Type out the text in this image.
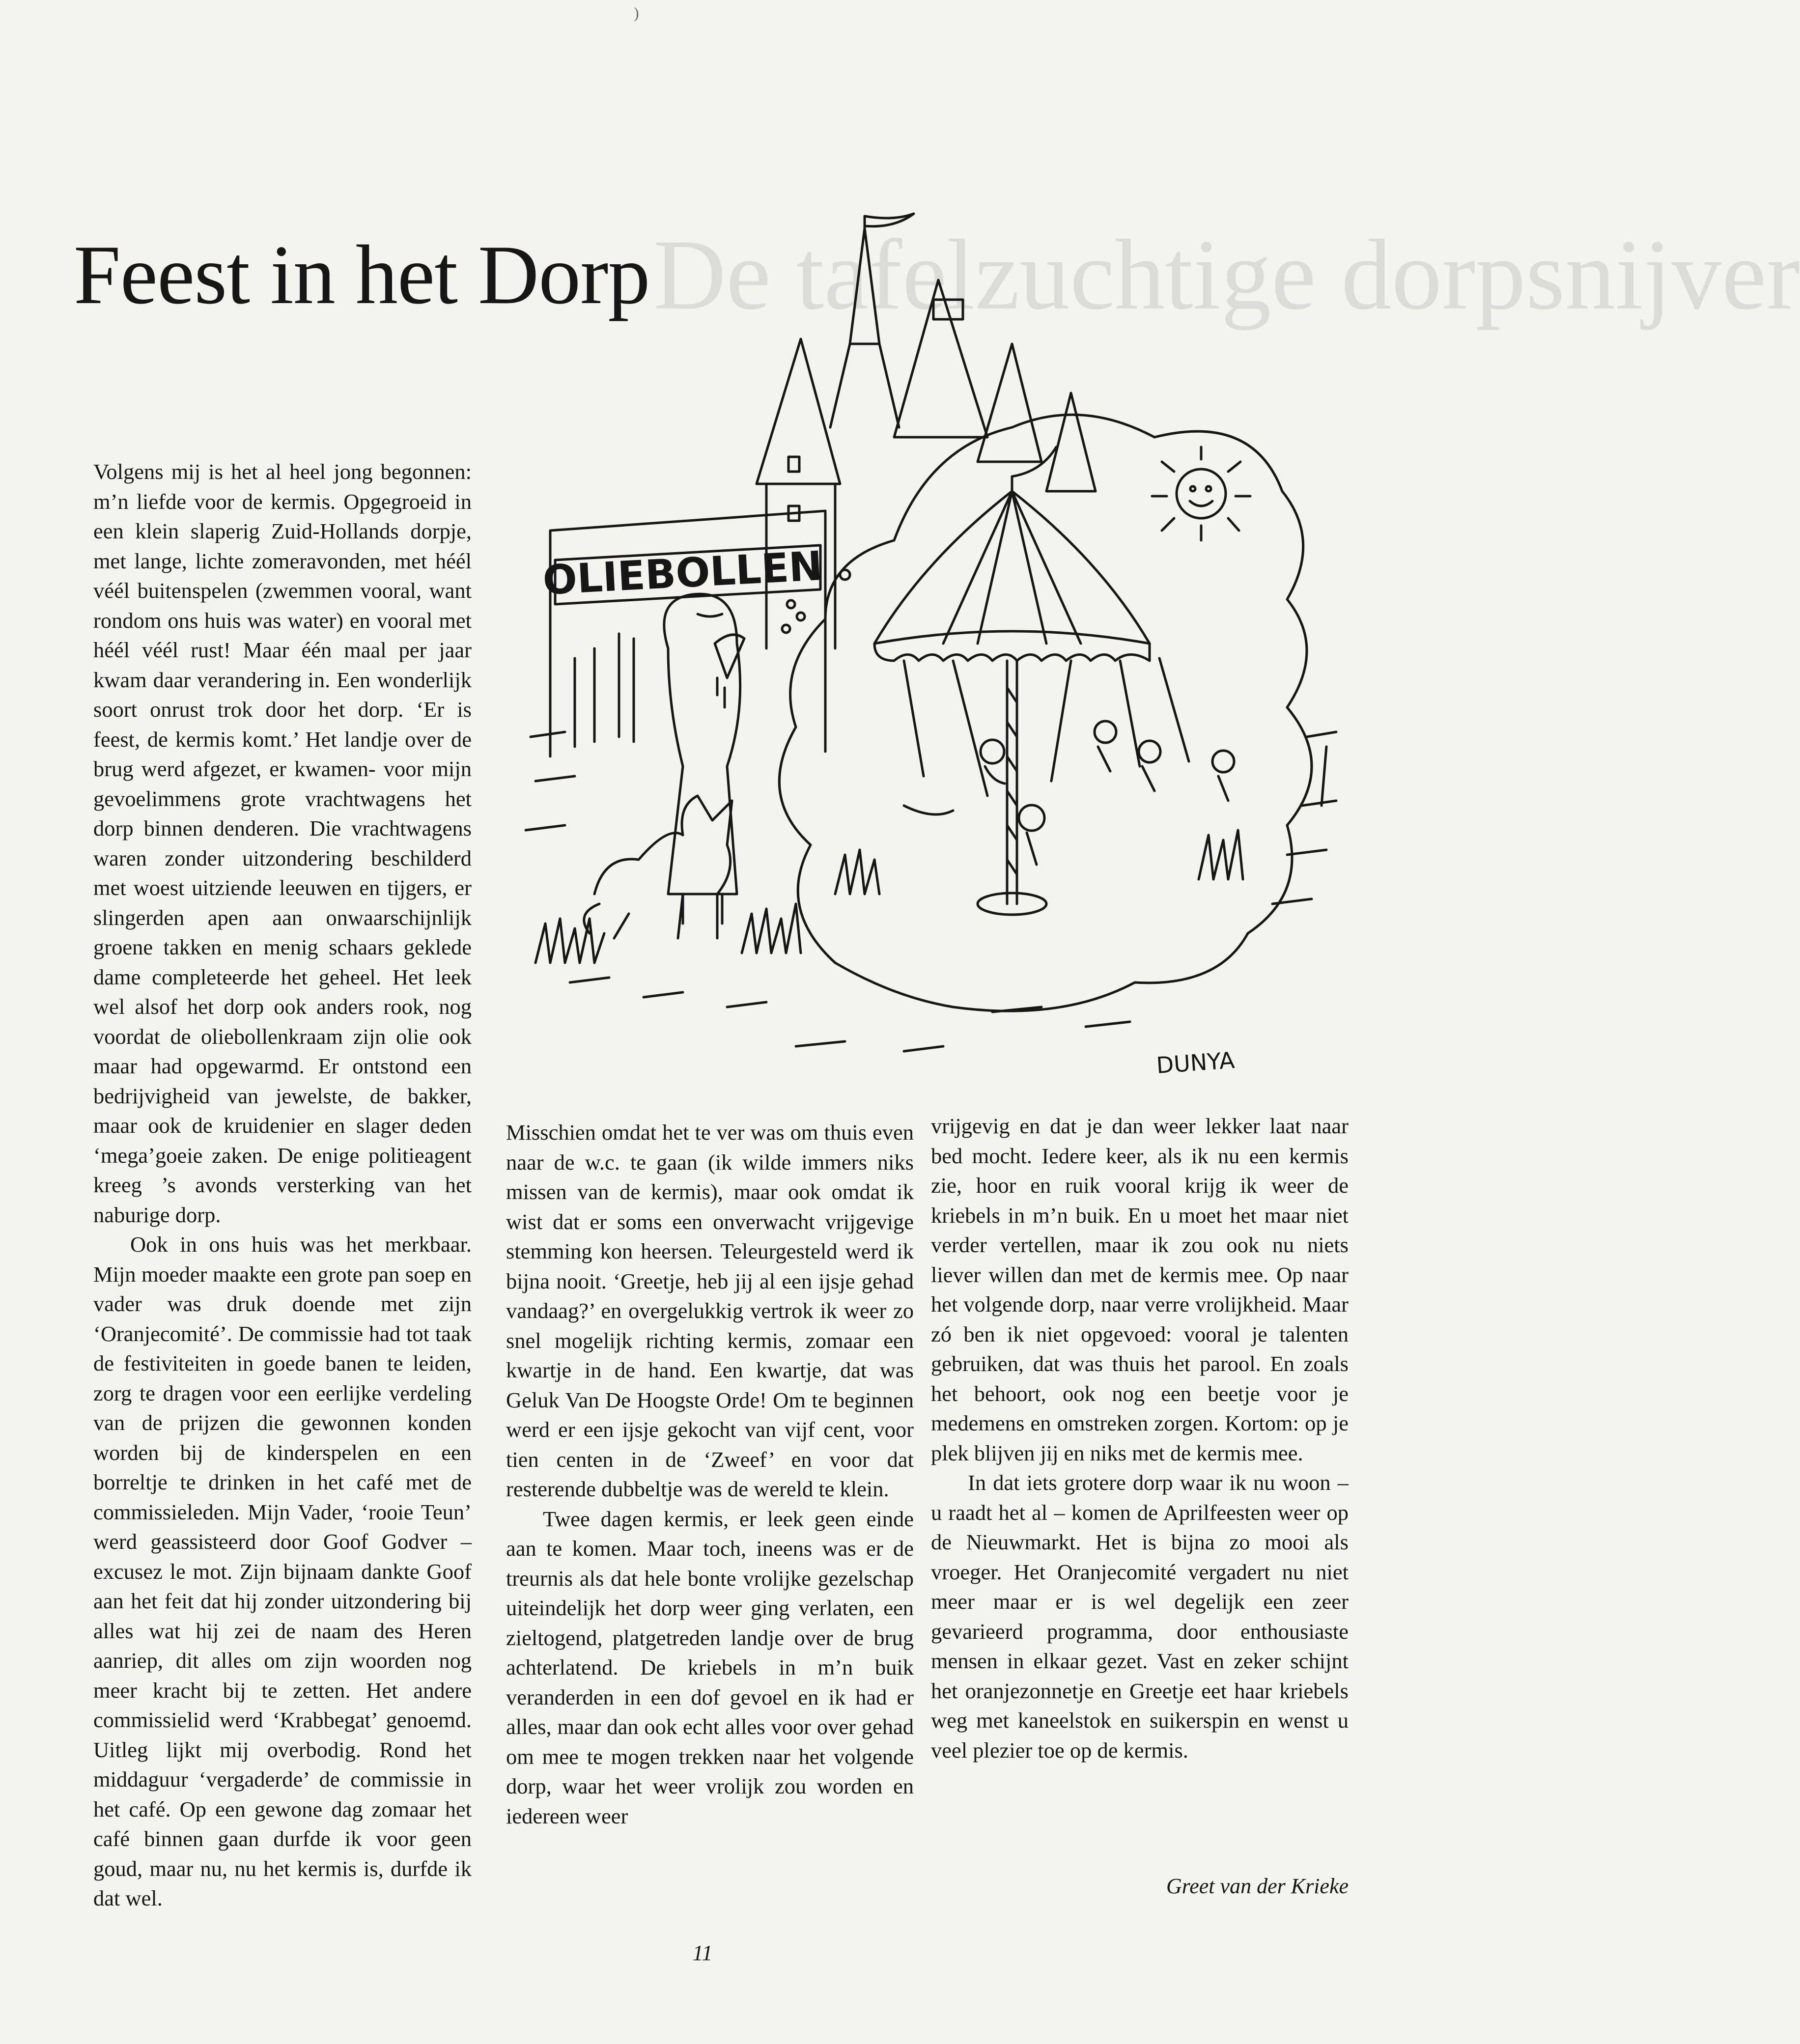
De tafelzuchtige dorpsnijver
)
Feest in het Dorp

Volgens mij is het al heel jong begonnen: m’n liefde voor de kermis. Opgegroeid in een klein slaperig Zuid-Hollands dorpje, met lange, lichte zomeravonden, met héél véél buitenspelen (zwemmen vooral, want rondom ons huis was water) en vooral met héél véél rust! Maar één maal per jaar kwam daar verandering in. Een wonderlijk soort onrust trok door het dorp. ‘Er is feest, de kermis komt.’ Het landje over de brug werd afgezet, er kwamen- voor mijn gevoelimmens grote vrachtwagens het dorp binnen denderen. Die vrachtwagens waren zonder uitzondering beschilderd met woest uitziende leeuwen en tijgers, er slingerden apen aan onwaarschijnlijk groene takken en menig schaars geklede dame completeerde het geheel. Het leek wel alsof het dorp ook anders rook, nog voordat de oliebollenkraam zijn olie ook maar had opgewarmd. Er ontstond een bedrijvigheid van jewelste, de bakker, maar ook de kruidenier en slager deden ‘mega’goeie zaken. De enige politieagent kreeg ’s avonds versterking van het naburige dorp.

Ook in ons huis was het merkbaar. Mijn moeder maakte een grote pan soep en vader was druk doende met zijn ‘Oranjecomité’. De commissie had tot taak de festiviteiten in goede banen te leiden, zorg te dragen voor een eerlijke verdeling van de prijzen die gewonnen konden worden bij de kinderspelen en een borreltje te drinken in het café met de commissieleden. Mijn Vader, ‘rooie Teun’ werd geassisteerd door Goof Godver – excusez le mot. Zijn bijnaam dankte Goof aan het feit dat hij zonder uitzondering bij alles wat hij zei de naam des Heren aanriep, dit alles om zijn woorden nog meer kracht bij te zetten. Het andere commissielid werd ‘Krabbegat’ genoemd. Uitleg lijkt mij overbodig. Rond het middaguur ‘vergaderde’ de commissie in het café. Op een gewone dag zomaar het café binnen gaan durfde ik voor geen goud, maar nu, nu het kermis is, durfde ik dat wel.

Misschien omdat het te ver was om thuis even naar de w.c. te gaan (ik wilde immers niks missen van de kermis), maar ook omdat ik wist dat er soms een onverwacht vrijgevige stemming kon heersen. Teleurgesteld werd ik bijna nooit. ‘Greetje, heb jij al een ijsje gehad vandaag?’ en overgelukkig vertrok ik weer zo snel mogelijk richting kermis, zomaar een kwartje in de hand. Een kwartje, dat was Geluk Van De Hoogste Orde! Om te beginnen werd er een ijsje gekocht van vijf cent, voor tien centen in de ‘Zweef’ en voor dat resterende dubbeltje was de wereld te klein.

Twee dagen kermis, er leek geen einde aan te komen. Maar toch, ineens was er de treurnis als dat hele bonte vrolijke gezelschap uiteindelijk het dorp weer ging verlaten, een zieltogend, platgetreden landje over de brug achterlatend. De kriebels in m’n buik veranderden in een dof gevoel en ik had er alles, maar dan ook echt alles voor over gehad om mee te mogen trekken naar het volgende dorp, waar het weer vrolijk zou worden en iedereen weer

vrijgevig en dat je dan weer lekker laat naar bed mocht. Iedere keer, als ik nu een kermis zie, hoor en ruik vooral krijg ik weer de kriebels in m’n buik. En u moet het maar niet verder vertellen, maar ik zou ook nu niets liever willen dan met de kermis mee. Op naar het volgende dorp, naar verre vrolijkheid. Maar zó ben ik niet opgevoed: vooral je talenten gebruiken, dat was thuis het parool. En zoals het behoort, ook nog een beetje voor je medemens en omstreken zorgen. Kortom: op je plek blijven jij en niks met de kermis mee.

In dat iets grotere dorp waar ik nu woon – u raadt het al – komen de Aprilfeesten weer op de Nieuwmarkt. Het is bijna zo mooi als vroeger. Het Oranjecomité vergadert nu niet meer maar er is wel degelijk een zeer gevarieerd programma, door enthousiaste mensen in elkaar gezet. Vast en zeker schijnt het oranjezonnetje en Greetje eet haar kriebels weg met kaneelstok en suikerspin en wenst u veel plezier toe op de kermis.

Greet van der Krieke
11
OLIEBOLLEN
DUNYA
